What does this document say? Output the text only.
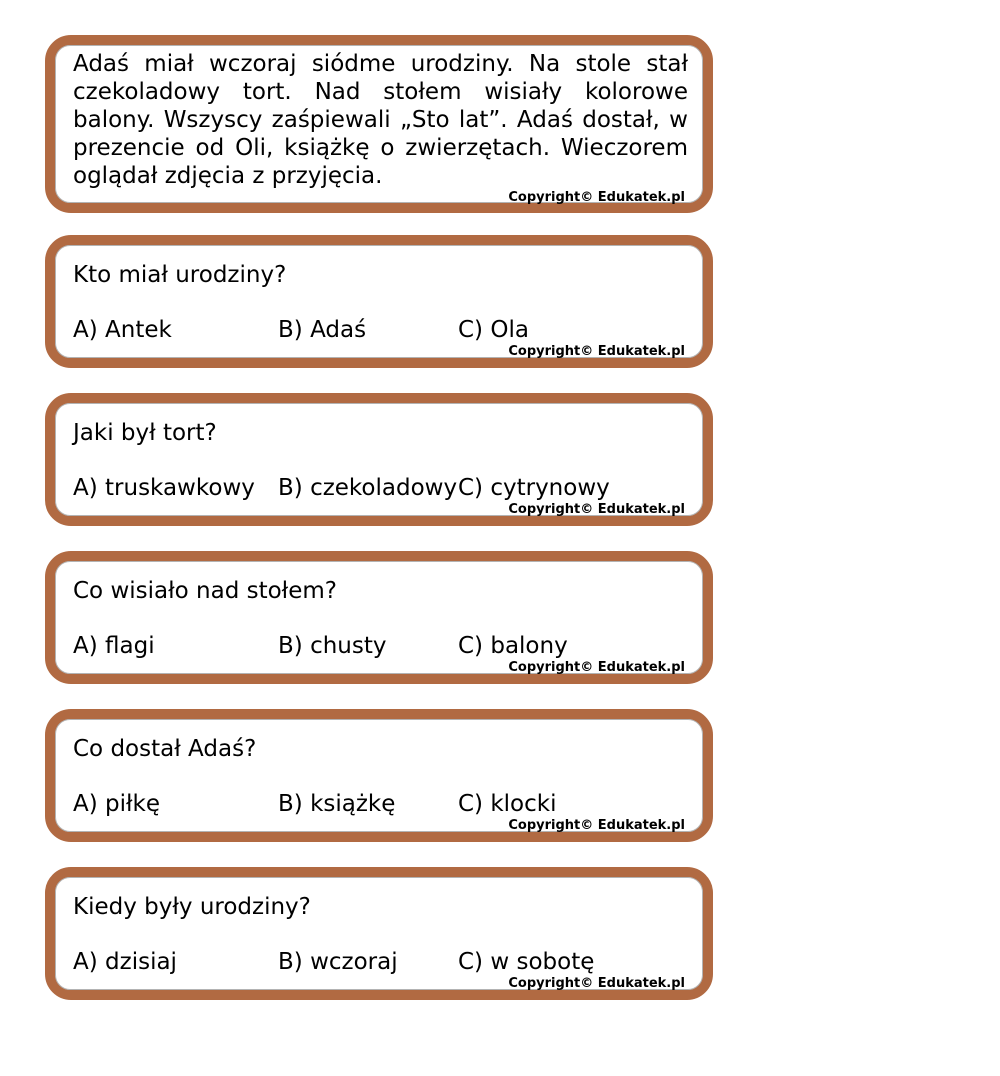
Adaś miał wczoraj siódme urodziny. Na stole stał czekoladowy tort. Nad stołem wisiały kolorowe balony. Wszyscy zaśpiewali „Sto lat”. Adaś dostał, w prezencie od Oli, książkę o zwierzętach. Wieczorem oglądał zdjęcia z przyjęcia.
Copyright© Edukatek.pl
Kto miał urodziny?
A) Antek	B) Adaś	C) Ola
Copyright© Edukatek.pl
Jaki był tort?
A) truskawkowy	B) czekoladowy C) cytrynowy
Copyright© Edukatek.pl
Co wisiało nad stołem?
A) flagi	B) chusty	C) balony
Copyright© Edukatek.pl
Co dostał Adaś?
A) piłkę	B) książkę	C) klocki
Copyright© Edukatek.pl
Kiedy były urodziny?
A) dzisiaj	B) wczoraj	C) w sobotę
Copyright© Edukatek.pl
